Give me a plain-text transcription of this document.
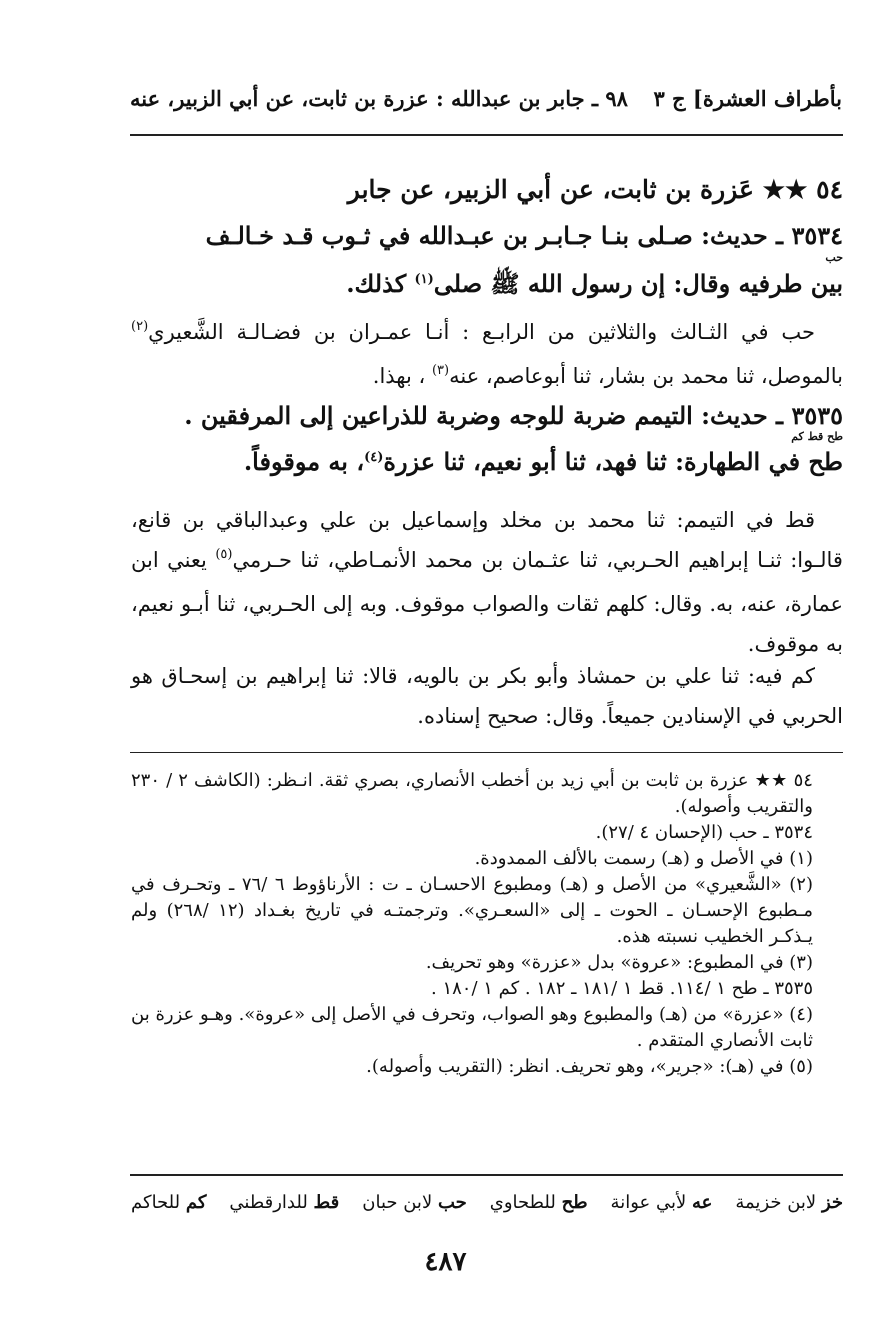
بأطراف العشرة] ج ٣
٩٨ ـ جابر بن عبدالله : عزرة بن ثابت، عن أبي الزبير، عنه
٥٤ ★★ عَزرة بن ثابت، عن أبي الزبير، عن جابر
٣٥٣٤ ـ حديث: صـلى بنـا جـابـر بن عبـدالله في ثـوب قـد خـالـف
حب
بين طرفيه وقال: إن رسول الله ﷺ صلى$^{(١)}$ كذلك.
حب في الثـالث والثلاثين من الرابـع : أنـا عمـران بن فضـالـة الشَّعيري$^{(٢)}$ بالموصل، ثنا محمد بن بشار، ثنا أبوعاصم، عنه$^{(٣)}$ ، بهذا.
٣٥٣٥ ـ حديث: التيمم ضربة للوجه وضربة للذراعين إلى المرفقين .
طح قط كم
طح في الطهارة: ثنا فهد، ثنا أبو نعيم، ثنا عزرة$^{(٤)}$، به موقوفاً.
قط في التيمم: ثنا محمد بن مخلد وإسماعيل بن علي وعبدالباقي بن قانع، قالـوا: ثنـا إبراهيم الحـربي، ثنا عثـمان بن محمد الأنمـاطي، ثنا حـرمي$^{(٥)}$ يعني ابن عمارة، عنه، به. وقال: كلهم ثقات والصواب موقوف. وبه إلى الحـربي، ثنا أبـو نعيم، به موقوف.
كم فيه: ثنا علي بن حمشاذ وأبو بكر بن بالويه، قالا: ثنا إبراهيم بن إسحـاق هو الحربي في الإسنادين جميعاً. وقال: صحيح إسناده.

٥٤ ★★ عزرة بن ثابت بن أبي زيد بن أخطب الأنصاري، بصري ثقة. انـظر: (الكاشف ٢ / ٢٣٠ والتقريب وأصوله).

٣٥٣٤ ـ حب (الإحسان ٤ /٢٧).

(١) في الأصل و (هـ) رسمت بالألف الممدودة.

(٢) «الشَّعيري» من الأصل و (هـ) ومطبوع الاحسـان ـ ت : الأرناؤوط ٦ /٧٦ ـ وتحـرف في مـطبوع الإحسـان ـ الحوت ـ إلى «السعـري». وترجمتـه في تاريخ بغـداد (١٢ /٢٦٨) ولم يـذكـر الخطيب نسبته هذه.

(٣) في المطبوع: «عروة» بدل «عزرة» وهو تحريف.

٣٥٣٥ ـ طح ١ /١١٤. قط ١ /١٨١ ـ ١٨٢ . كم ١ /١٨٠ .

(٤) «عزرة» من (هـ) والمطبوع وهو الصواب، وتحرف في الأصل إلى «عروة». وهـو عزرة بن ثابت الأنصاري المتقدم .

(٥) في (هـ): «جرير»، وهو تحريف. انظر: (التقريب وأصوله).

خز لابن خزيمة
عه لأبي عوانة
طح للطحاوي
حب لابن حبان
قط للدارقطني
كم للحاكم
٤٨٧
